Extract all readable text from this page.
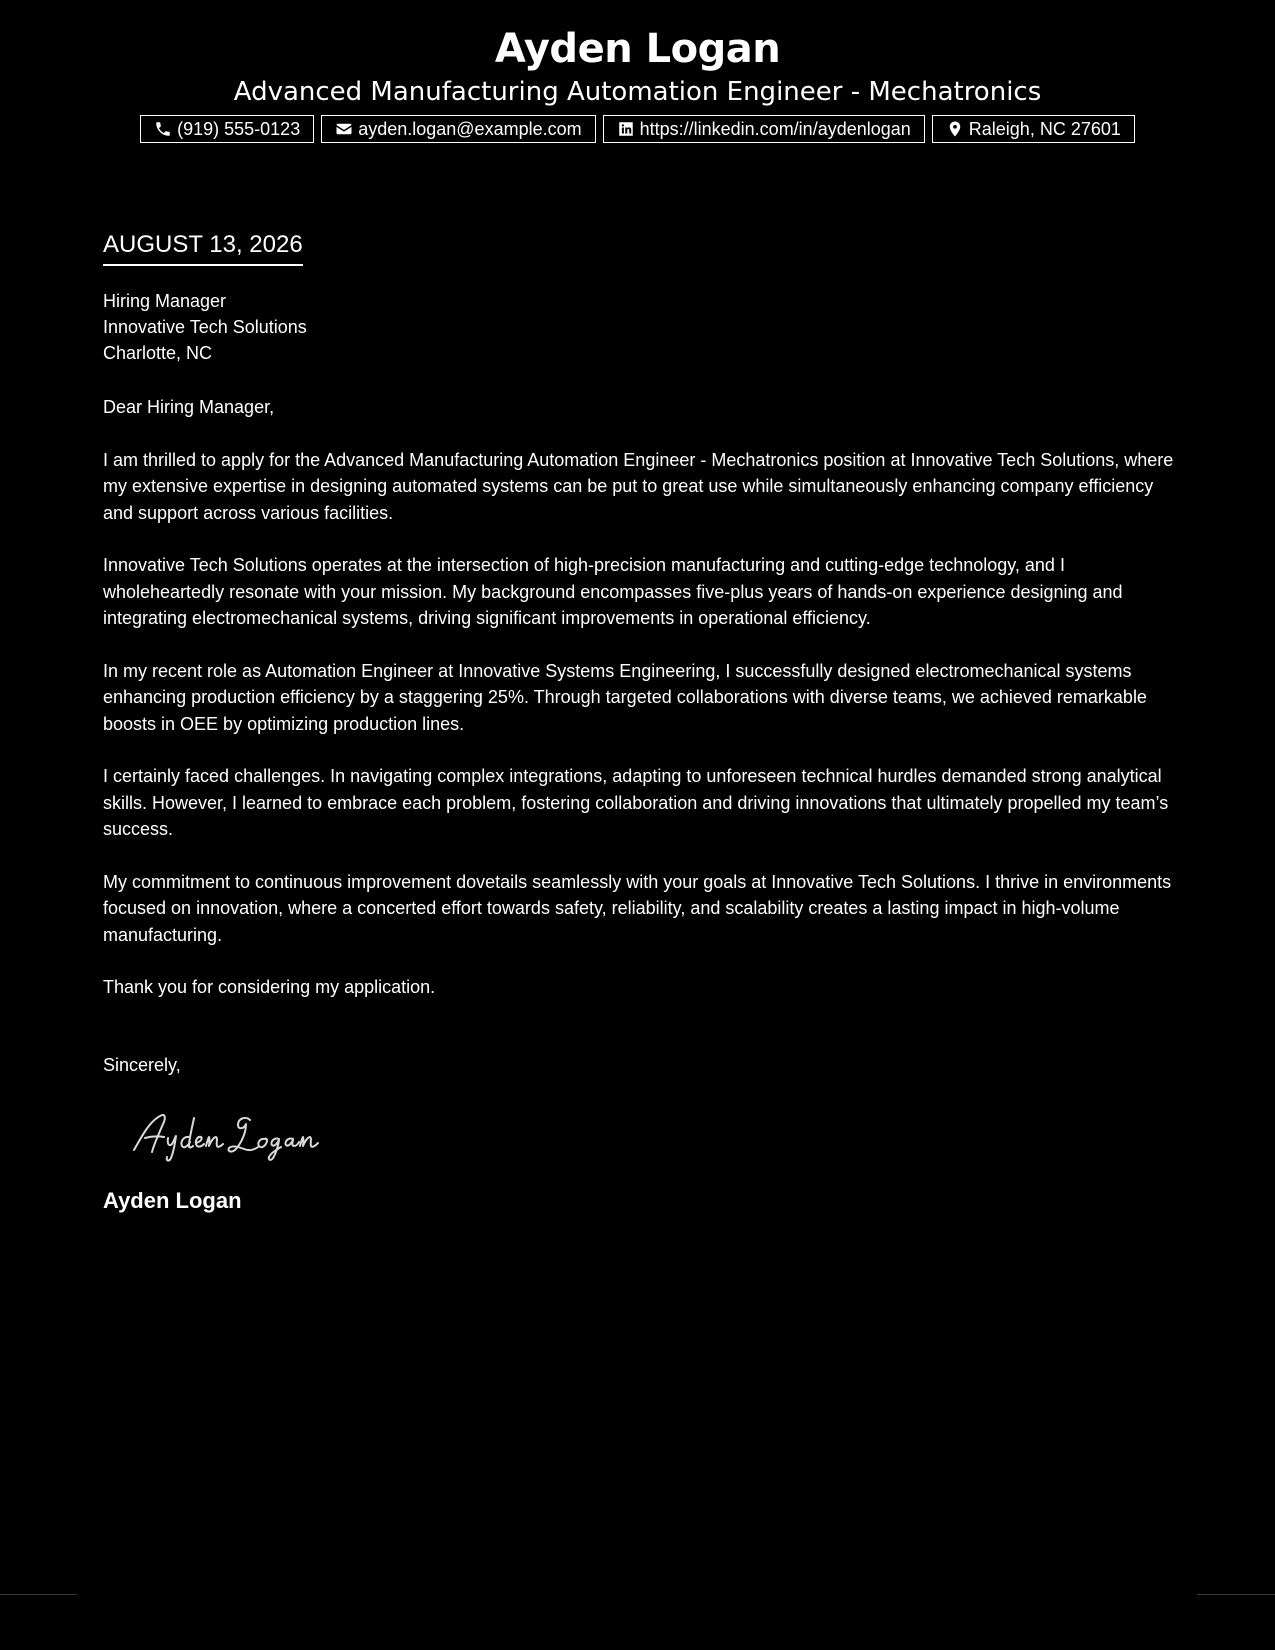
Ayden Logan
Advanced Manufacturing Automation Engineer - Mechatronics
(919) 555-0123	ayden.logan@example.com	https://linkedin.com/in/aydenlogan	Raleigh, NC 27601
AUGUST 13, 2026
Hiring Manager
Innovative Tech Solutions
Charlotte, NC
Dear Hiring Manager,

I am thrilled to apply for the Advanced Manufacturing Automation Engineer - Mechatronics position at Innovative Tech Solutions, where my extensive expertise in designing automated systems can be put to great use while simultaneously enhancing company efficiency and support across various facilities.

Innovative Tech Solutions operates at the intersection of high-precision manufacturing and cutting-edge technology, and I wholeheartedly resonate with your mission. My background encompasses five-plus years of hands-on experience designing and integrating electromechanical systems, driving significant improvements in operational efficiency.

In my recent role as Automation Engineer at Innovative Systems Engineering, I successfully designed electromechanical systems enhancing production efficiency by a staggering 25%. Through targeted collaborations with diverse teams, we achieved remarkable boosts in OEE by optimizing production lines.

I certainly faced challenges. In navigating complex integrations, adapting to unforeseen technical hurdles demanded strong analytical skills. However, I learned to embrace each problem, fostering collaboration and driving innovations that ultimately propelled my team’s success.

My commitment to continuous improvement dovetails seamlessly with your goals at Innovative Tech Solutions. I thrive in environments focused on innovation, where a concerted effort towards safety, reliability, and scalability creates a lasting impact in high-volume manufacturing.

Thank you for considering my application.

Sincerely,
Ayden Logan
